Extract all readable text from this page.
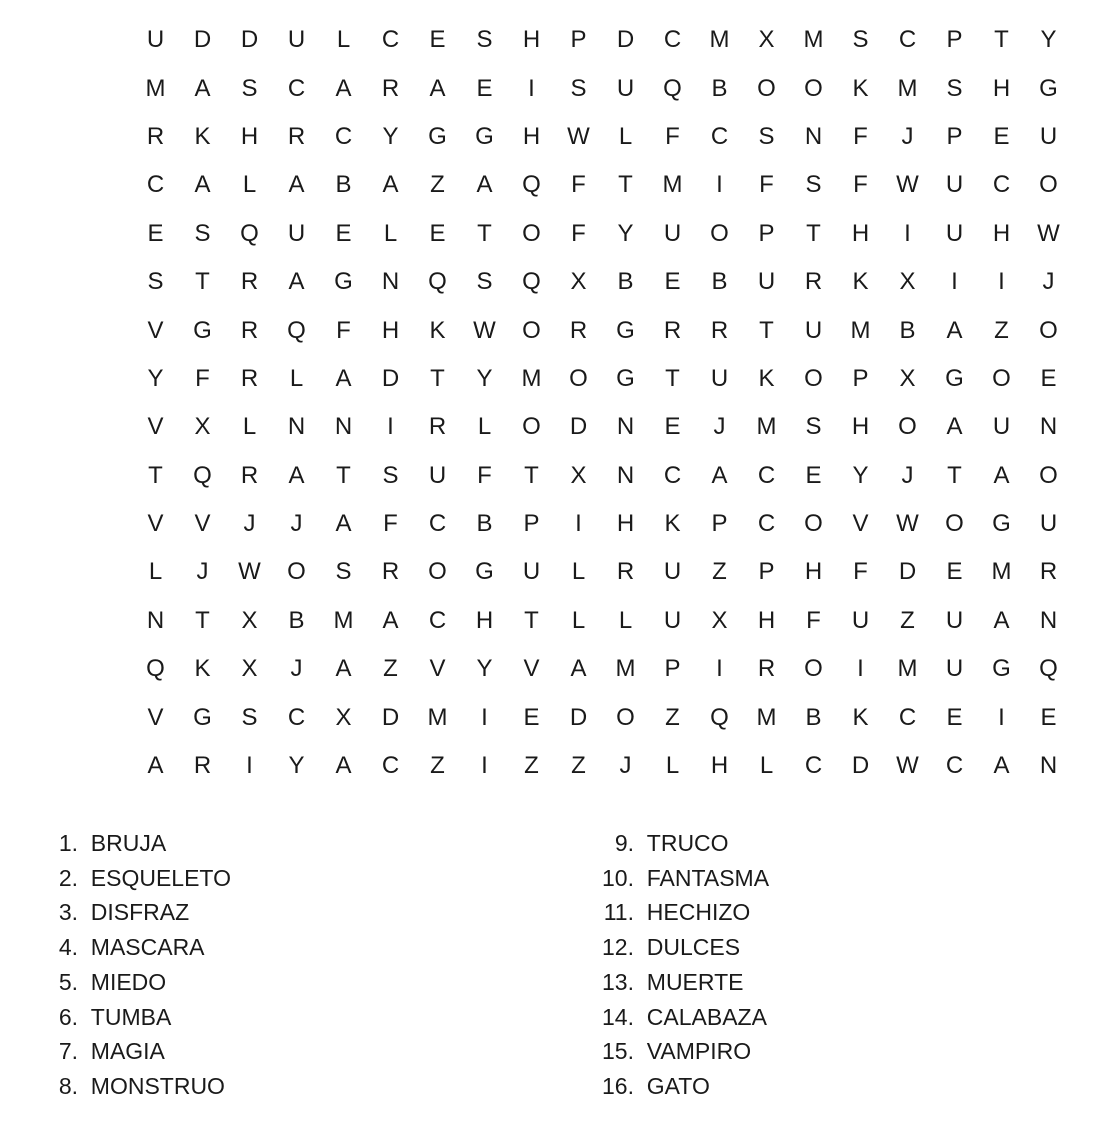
U	D	D	U	L	C	E	S	H	P	D	C	M	X	M	S	C	P	T	Y
M	A	S	C	A	R	A	E	I	S	U	Q	B	O	O	K	M	S	H	G
R	K	H	R	C	Y	G	G	H	W	L	F	C	S	N	F	J	P	E	U
C	A	L	A	B	A	Z	A	Q	F	T	M	I	F	S	F	W	U	C	O
E	S	Q	U	E	L	E	T	O	F	Y	U	O	P	T	H	I	U	H	W
S	T	R	A	G	N	Q	S	Q	X	B	E	B	U	R	K	X	I	I	J
V	G	R	Q	F	H	K	W	O	R	G	R	R	T	U	M	B	A	Z	O
Y	F	R	L	A	D	T	Y	M	O	G	T	U	K	O	P	X	G	O	E
V	X	L	N	N	I	R	L	O	D	N	E	J	M	S	H	O	A	U	N
T	Q	R	A	T	S	U	F	T	X	N	C	A	C	E	Y	J	T	A	O
V	V	J	J	A	F	C	B	P	I	H	K	P	C	O	V	W	O	G	U
L	J	W	O	S	R	O	G	U	L	R	U	Z	P	H	F	D	E	M	R
N	T	X	B	M	A	C	H	T	L	L	U	X	H	F	U	Z	U	A	N
Q	K	X	J	A	Z	V	Y	V	A	M	P	I	R	O	I	M	U	G	Q
V	G	S	C	X	D	M	I	E	D	O	Z	Q	M	B	K	C	E	I	E
A	R	I	Y	A	C	Z	I	Z	Z	J	L	H	L	C	D	W	C	A	N
1.
BRUJA
2.
ESQUELETO
3.
DISFRAZ
4.
MASCARA
5.
MIEDO
6.
TUMBA
7.
MAGIA
8.
MONSTRUO
9.
TRUCO
10.
FANTASMA
11.
HECHIZO
12.
DULCES
13.
MUERTE
14.
CALABAZA
15.
VAMPIRO
16.
GATO
